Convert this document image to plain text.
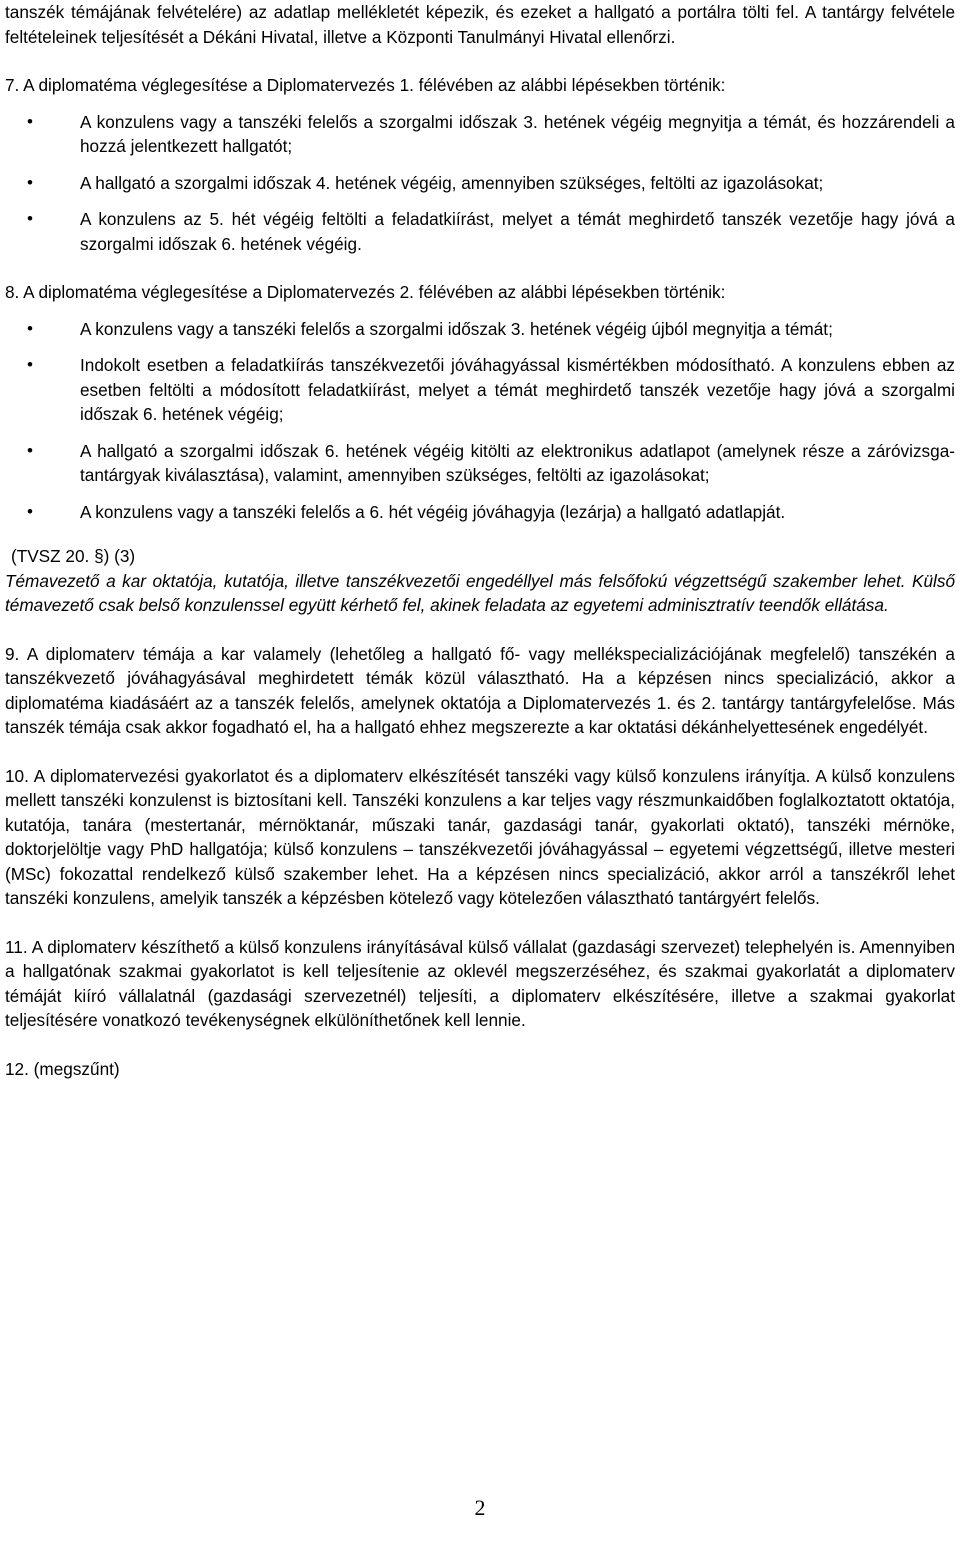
tanszék témájának felvételére) az adatlap mellékletét képezik, és ezeket a hallgató a portálra tölti fel. A tantárgy felvétele feltételeinek teljesítését a Dékáni Hivatal, illetve a Központi Tanulmányi Hivatal ellenőrzi.

7. A diplomatéma véglegesítése a Diplomatervezés 1. félévében az alábbi lépésekben történik:

• A konzulens vagy a tanszéki felelős a szorgalmi időszak 3. hetének végéig megnyitja a témát, és hozzárendeli a hozzá jelentkezett hallgatót;
• A hallgató a szorgalmi időszak 4. hetének végéig, amennyiben szükséges, feltölti az igazolásokat;
• A konzulens az 5. hét végéig feltölti a feladatkiírást, melyet a témát meghirdető tanszék vezetője hagy jóvá a szorgalmi időszak 6. hetének végéig.

8. A diplomatéma véglegesítése a Diplomatervezés 2. félévében az alábbi lépésekben történik:

• A konzulens vagy a tanszéki felelős a szorgalmi időszak 3. hetének végéig újból megnyitja a témát;
• Indokolt esetben a feladatkiírás tanszékvezetői jóváhagyással kismértékben módosítható. A konzulens ebben az esetben feltölti a módosított feladatkiírást, melyet a témát meghirdető tanszék vezetője hagy jóvá a szorgalmi időszak 6. hetének végéig;
• A hallgató a szorgalmi időszak 6. hetének végéig kitölti az elektronikus adatlapot (amelynek része a záróvizsga-tantárgyak kiválasztása), valamint, amennyiben szükséges, feltölti az igazolásokat;
• A konzulens vagy a tanszéki felelős a 6. hét végéig jóváhagyja (lezárja) a hallgató adatlapját.

(TVSZ 20. §) (3)

Témavezető a kar oktatója, kutatója, illetve tanszékvezetői engedéllyel más felsőfokú végzettségű szakember lehet. Külső témavezető csak belső konzulenssel együtt kérhető fel, akinek feladata az egyetemi adminisztratív teendők ellátása.

9. A diplomaterv témája a kar valamely (lehetőleg a hallgató fő- vagy mellékspecializációjának megfelelő) tanszékén a tanszékvezető jóváhagyásával meghirdetett témák közül választható. Ha a képzésen nincs specializáció, akkor a diplomatéma kiadásáért az a tanszék felelős, amelynek oktatója a Diplomatervezés 1. és 2. tantárgy tantárgyfelelőse. Más tanszék témája csak akkor fogadható el, ha a hallgató ehhez megszerezte a kar oktatási dékánhelyettesének engedélyét.

10. A diplomatervezési gyakorlatot és a diplomaterv elkészítését tanszéki vagy külső konzulens irányítja. A külső konzulens mellett tanszéki konzulenst is biztosítani kell. Tanszéki konzulens a kar teljes vagy részmunkaidőben foglalkoztatott oktatója, kutatója, tanára (mestertanár, mérnöktanár, műszaki tanár, gazdasági tanár, gyakorlati oktató), tanszéki mérnöke, doktorjelöltje vagy PhD hallgatója; külső konzulens – tanszékvezetői jóváhagyással – egyetemi végzettségű, illetve mesteri (MSc) fokozattal rendelkező külső szakember lehet. Ha a képzésen nincs specializáció, akkor arról a tanszékről lehet tanszéki konzulens, amelyik tanszék a képzésben kötelező vagy kötelezően választható tantárgyért felelős.

11. A diplomaterv készíthető a külső konzulens irányításával külső vállalat (gazdasági szervezet) telephelyén is. Amennyiben a hallgatónak szakmai gyakorlatot is kell teljesítenie az oklevél megszerzéséhez, és szakmai gyakorlatát a diplomaterv témáját kiíró vállalatnál (gazdasági szervezetnél) teljesíti, a diplomaterv elkészítésére, illetve a szakmai gyakorlat teljesítésére vonatkozó tevékenységnek elkülöníthetőnek kell lennie.

12. (megszűnt)

2
